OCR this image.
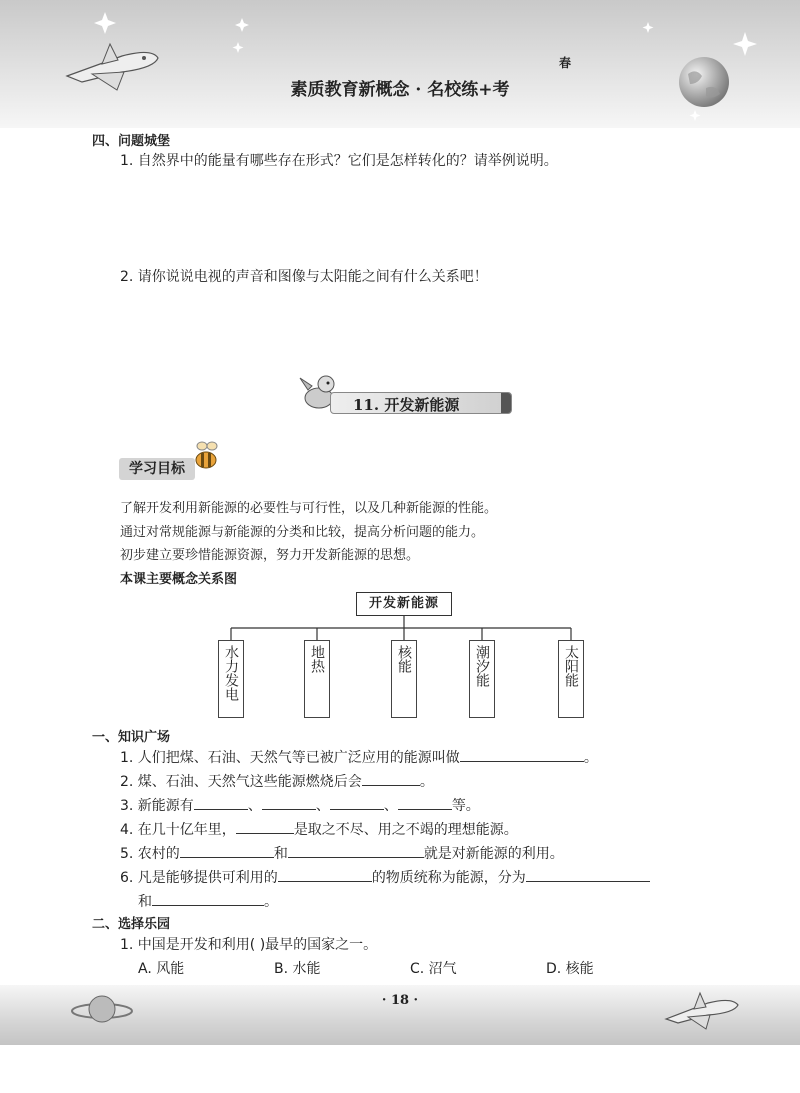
素质教育新概念 · 名校练+考
春
四、问题城堡
1. 自然界中的能量有哪些存在形式？它们是怎样转化的？请举例说明。
2. 请你说说电视的声音和图像与太阳能之间有什么关系吧！
11. 开发新能源
学习目标
了解开发利用新能源的必要性与可行性，以及几种新能源的性能。
通过对常规能源与新能源的分类和比较，提高分析问题的能力。
初步建立要珍惜能源资源，努力开发新能源的思想。
本课主要概念关系图
开发新能源
水力发电	地热	核能	潮汐能	太阳能
一、知识广场
1. 人们把煤、石油、天然气等已被广泛应用的能源叫做	。
2. 煤、石油、天然气这些能源燃烧后会	。
3. 新能源有	、	、	、	等。
4. 在几十亿年里，	是取之不尽、用之不竭的理想能源。
5. 农村的	和	就是对新能源的利用。
6. 凡是能够提供可利用的	的物质统称为能源，分为
和	。
二、选择乐园
1. 中国是开发和利用( )最早的国家之一。
A. 风能	B. 水能	C. 沼气	D. 核能
· 18 ·
